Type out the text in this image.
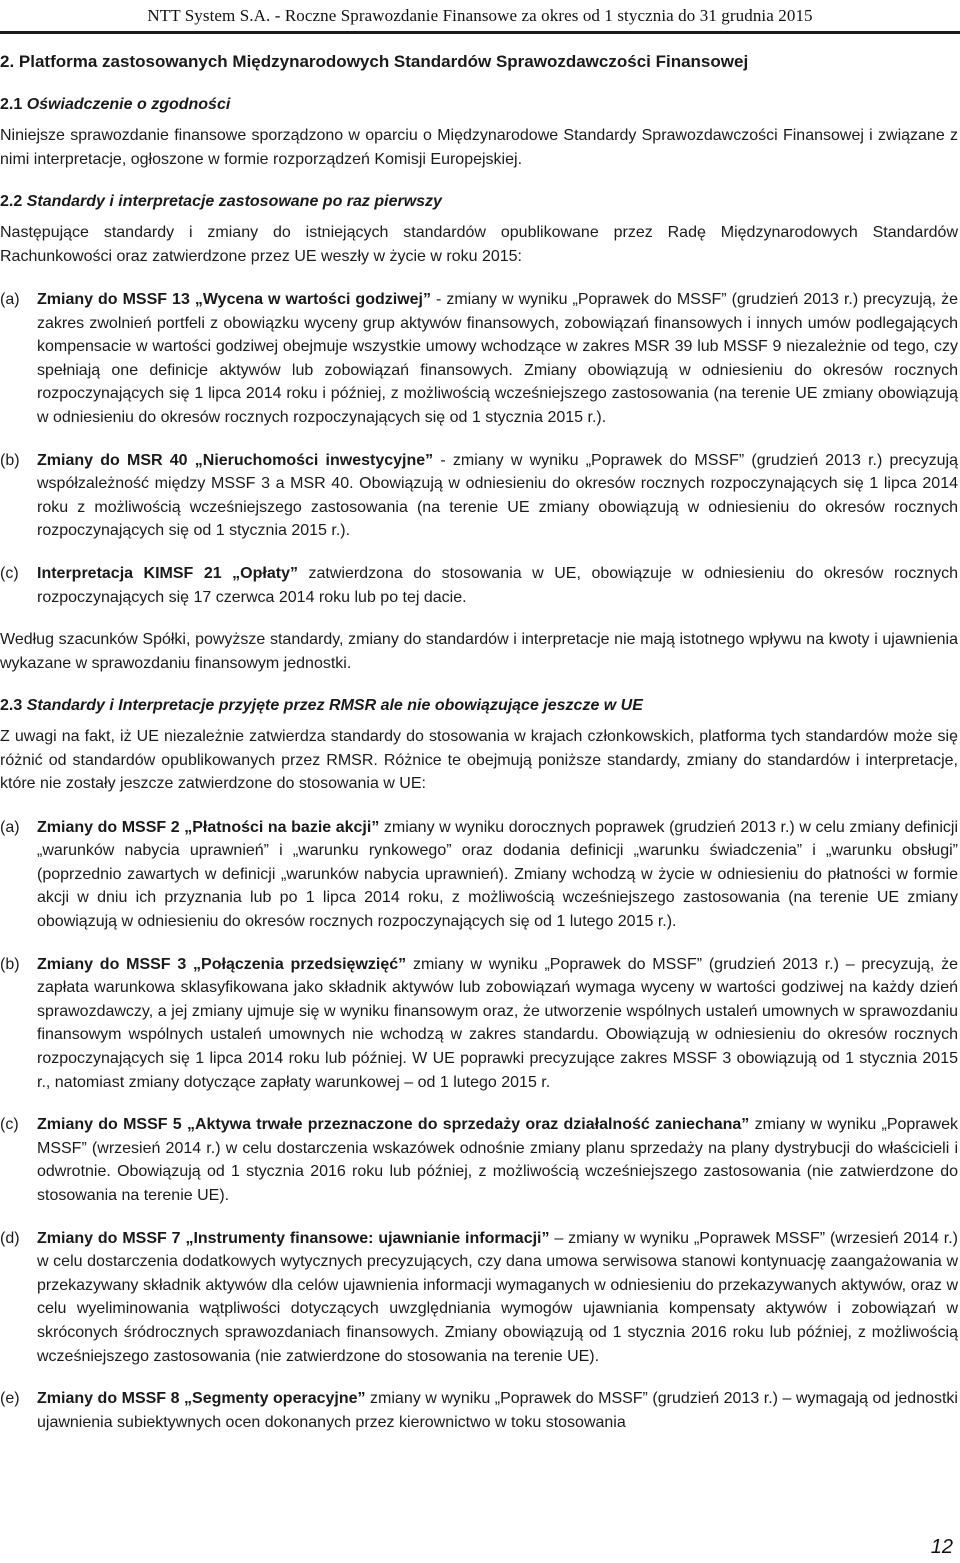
NTT System S.A. - Roczne Sprawozdanie Finansowe za okres od 1 stycznia do 31 grudnia 2015
2. Platforma zastosowanych Międzynarodowych Standardów Sprawozdawczości Finansowej
2.1 Oświadczenie o zgodności

Niniejsze sprawozdanie finansowe sporządzono w oparciu o Międzynarodowe Standardy Sprawozdawczości Finansowej i związane z nimi interpretacje, ogłoszone w formie rozporządzeń Komisji Europejskiej.

2.2 Standardy i interpretacje zastosowane po raz pierwszy

Następujące standardy i zmiany do istniejących standardów opublikowane przez Radę Międzynarodowych Standardów Rachunkowości oraz zatwierdzone przez UE weszły w życie w roku 2015:

(a)	Zmiany do MSSF 13 „Wycena w wartości godziwej” - zmiany w wyniku „Poprawek do MSSF” (grudzień 2013 r.) precyzują, że zakres zwolnień portfeli z obowiązku wyceny grup aktywów finansowych, zobowiązań finansowych i innych umów podlegających kompensacie w wartości godziwej obejmuje wszystkie umowy wchodzące w zakres MSR 39 lub MSSF 9 niezależnie od tego, czy spełniają one definicje aktywów lub zobowiązań finansowych. Zmiany obowiązują w odniesieniu do okresów rocznych rozpoczynających się 1 lipca 2014 roku i później, z możliwością wcześniejszego zastosowania (na terenie UE zmiany obowiązują w odniesieniu do okresów rocznych rozpoczynających się od 1 stycznia 2015 r.).
(b)	Zmiany do MSR 40 „Nieruchomości inwestycyjne” - zmiany w wyniku „Poprawek do MSSF” (grudzień 2013 r.) precyzują współzależność między MSSF 3 a MSR 40. Obowiązują w odniesieniu do okresów rocznych rozpoczynających się 1 lipca 2014 roku z możliwością wcześniejszego zastosowania (na terenie UE zmiany obowiązują w odniesieniu do okresów rocznych rozpoczynających się od 1 stycznia 2015 r.).
(c)	Interpretacja KIMSF 21 „Opłaty” zatwierdzona do stosowania w UE, obowiązuje w odniesieniu do okresów rocznych rozpoczynających się 17 czerwca 2014 roku lub po tej dacie.

Według szacunków Spółki, powyższe standardy, zmiany do standardów i interpretacje nie mają istotnego wpływu na kwoty i ujawnienia wykazane w sprawozdaniu finansowym jednostki.

2.3 Standardy i Interpretacje przyjęte przez RMSR ale nie obowiązujące jeszcze w UE

Z uwagi na fakt, iż UE niezależnie zatwierdza standardy do stosowania w krajach członkowskich, platforma tych standardów może się różnić od standardów opublikowanych przez RMSR. Różnice te obejmują poniższe standardy, zmiany do standardów i interpretacje, które nie zostały jeszcze zatwierdzone do stosowania w UE:

(a)	Zmiany do MSSF 2 „Płatności na bazie akcji” zmiany w wyniku dorocznych poprawek (grudzień 2013 r.) w celu zmiany definicji „warunków nabycia uprawnień” i „warunku rynkowego” oraz dodania definicji „warunku świadczenia” i „warunku obsługi” (poprzednio zawartych w definicji „warunków nabycia uprawnień). Zmiany wchodzą w życie w odniesieniu do płatności w formie akcji w dniu ich przyznania lub po 1 lipca 2014 roku, z możliwością wcześniejszego zastosowania (na terenie UE zmiany obowiązują w odniesieniu do okresów rocznych rozpoczynających się od 1 lutego 2015 r.).
(b)	Zmiany do MSSF 3 „Połączenia przedsięwzięć” zmiany w wyniku „Poprawek do MSSF” (grudzień 2013 r.) – precyzują, że zapłata warunkowa sklasyfikowana jako składnik aktywów lub zobowiązań wymaga wyceny w wartości godziwej na każdy dzień sprawozdawczy, a jej zmiany ujmuje się w wyniku finansowym oraz, że utworzenie wspólnych ustaleń umownych w sprawozdaniu finansowym wspólnych ustaleń umownych nie wchodzą w zakres standardu. Obowiązują w odniesieniu do okresów rocznych rozpoczynających się 1 lipca 2014 roku lub później. W UE poprawki precyzujące zakres MSSF 3 obowiązują od 1 stycznia 2015 r., natomiast zmiany dotyczące zapłaty warunkowej – od 1 lutego 2015 r.
(c)	Zmiany do MSSF 5 „Aktywa trwałe przeznaczone do sprzedaży oraz działalność zaniechana” zmiany w wyniku „Poprawek MSSF” (wrzesień 2014 r.) w celu dostarczenia wskazówek odnośnie zmiany planu sprzedaży na plany dystrybucji do właścicieli i odwrotnie. Obowiązują od 1 stycznia 2016 roku lub później, z możliwością wcześniejszego zastosowania (nie zatwierdzone do stosowania na terenie UE).
(d)	Zmiany do MSSF 7 „Instrumenty finansowe: ujawnianie informacji” – zmiany w wyniku „Poprawek MSSF” (wrzesień 2014 r.) w celu dostarczenia dodatkowych wytycznych precyzujących, czy dana umowa serwisowa stanowi kontynuację zaangażowania w przekazywany składnik aktywów dla celów ujawnienia informacji wymaganych w odniesieniu do przekazywanych aktywów, oraz w celu wyeliminowania wątpliwości dotyczących uwzględniania wymogów ujawniania kompensaty aktywów i zobowiązań w skróconych śródrocznych sprawozdaniach finansowych. Zmiany obowiązują od 1 stycznia 2016 roku lub później, z możliwością wcześniejszego zastosowania (nie zatwierdzone do stosowania na terenie UE).
(e)	Zmiany do MSSF 8 „Segmenty operacyjne” zmiany w wyniku „Poprawek do MSSF” (grudzień 2013 r.) – wymagają od jednostki ujawnienia subiektywnych ocen dokonanych przez kierownictwo w toku stosowania
12
